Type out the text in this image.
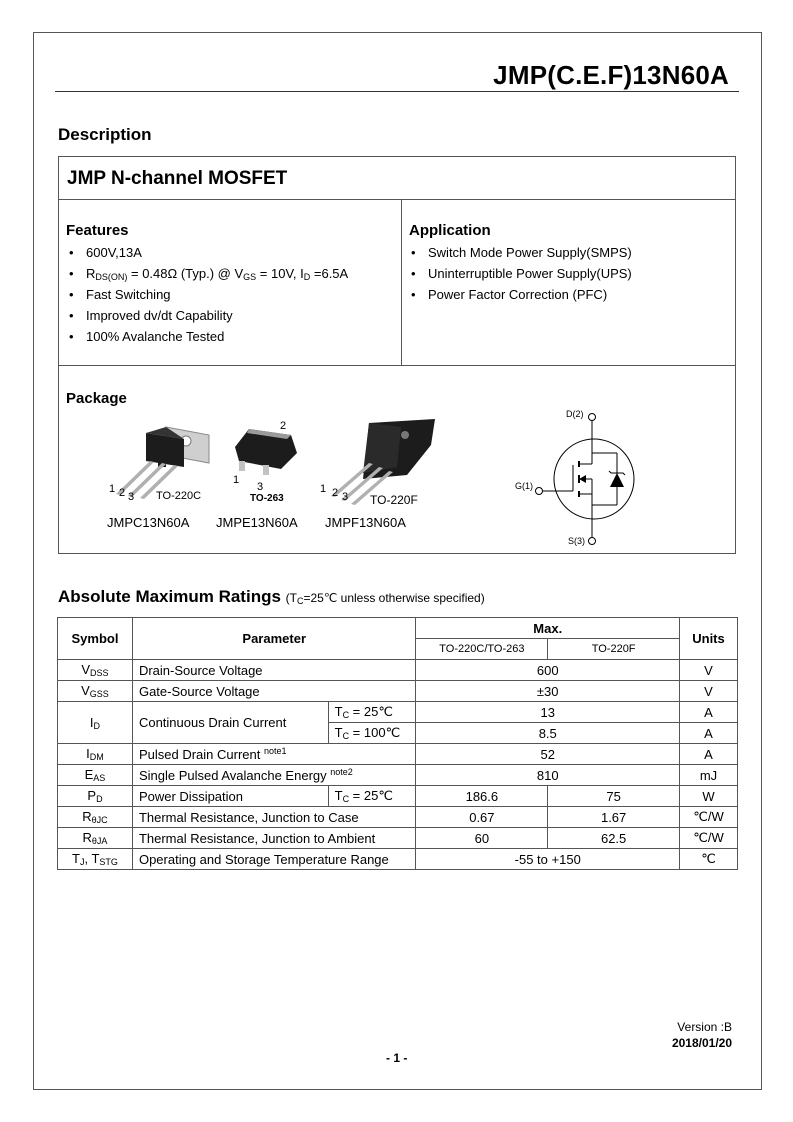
JMP(C.E.F)13N60A
Description
JMP N-channel MOSFET
Features
• 600V,13A
• $R_{DS(ON)} = 0.48\Omega$ (Typ.) @ $V_{GS} = 10V$, $I_D =6.5A$
• Fast Switching
• Improved dv/dt Capability
• 100% Avalanche Tested
Application
• Switch Mode Power Supply(SMPS)
• Uninterruptible Power Supply(UPS)
• Power Factor Correction (PFC)
Package
1 2 3 TO-220C
2
1
3
TO-263
1 2 3 TO-220F
JMPC13N60A JMPE13N60A JMPF13N60A
D(2)
G(1)
S(3)
Absolute Maximum Ratings ($T_C=25℃$ unless otherwise specified)
Symbol	Parameter		Max.		Units
			TO-220C/TO-263	TO-220F	
$V_{DSS}$	Drain-Source Voltage		600		V
$V_{GSS}$	Gate-Source Voltage		±30		V
$I_D$	Continuous Drain Current	$T_C$ = 25℃	13		A
		$T_C$ = 100℃	8.5		A
$I_{DM}$	Pulsed Drain Current $^{note1}$		52		A
$E_{AS}$	Single Pulsed Avalanche Energy $^{note2}$		810		mJ
$P_D$	Power Dissipation	$T_C$ = 25℃	186.6	75	W
$R_{\theta JC}$	Thermal Resistance, Junction to Case		0.67	1.67	℃/W
$R_{\theta JA}$	Thermal Resistance, Junction to Ambient		60	62.5	℃/W
$T_J$, $T_{STG}$	Operating and Storage Temperature Range		-55 to +150		℃
Version :B
2018/01/20
- 1 -
